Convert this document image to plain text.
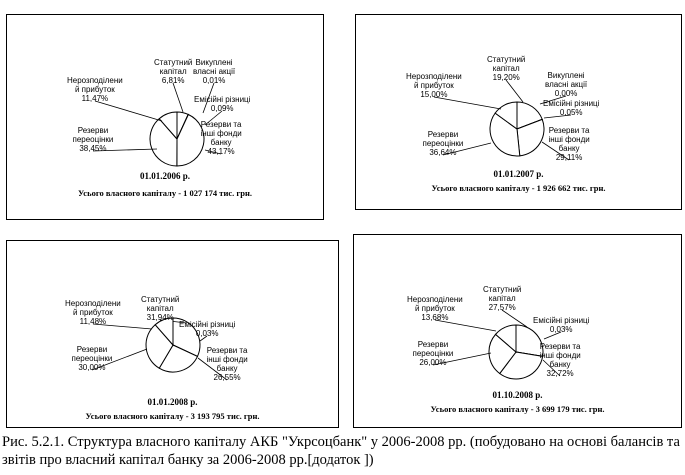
Статутний
капітал
6,81%
Викуплені
власні акції
0,01%
Емісійні різниці
0,09%
Резерви та
інші фонди
банку
43,17%
Резерви
переоцінки
38,45%
Нерозподілени
й прибуток
11,47%
01.01.2006 р.
Усього власного капіталу - 1 027 174 тис. грн.
Статутний
капітал
19,20%	Викуплені
власні акції
0,00%
Емісійні різниці
0,05%
Резерви та
інші фонди
банку
29,11%
Резерви
переоцінки
36,64%
Нерозподілени
й прибуток
15,00%
01.01.2007 р.
Усього власного капіталу - 1 926 662 тис. грн.
Статутний
капітал
31,94%
Емісійні різниці
0,03%
Резерви та
інші фонди
банку
26,55%
Резерви
переоцінки
30,00%
Нерозподілени
й прибуток
11,48%
01.01.2008 р.
Усього власного капіталу - 3 193 795 тис. грн.
Статутний
капітал
27,57%
Емісійні різниці
0,03%
Резерви та
інші фонди
банку
32,72%
Резерви
переоцінки
26,00%
Нерозподілени
й прибуток
13,68%
01.10.2008 р.
Усього власного капіталу - 3 699 179 тис. грн.
Рис. 5.2.1. Структура власного капіталу АКБ "Укрсоцбанк" у 2006-2008 рр. (побудовано на основі балансів та звітів про власний капітал банку за 2006-2008 рр.[додаток ])
